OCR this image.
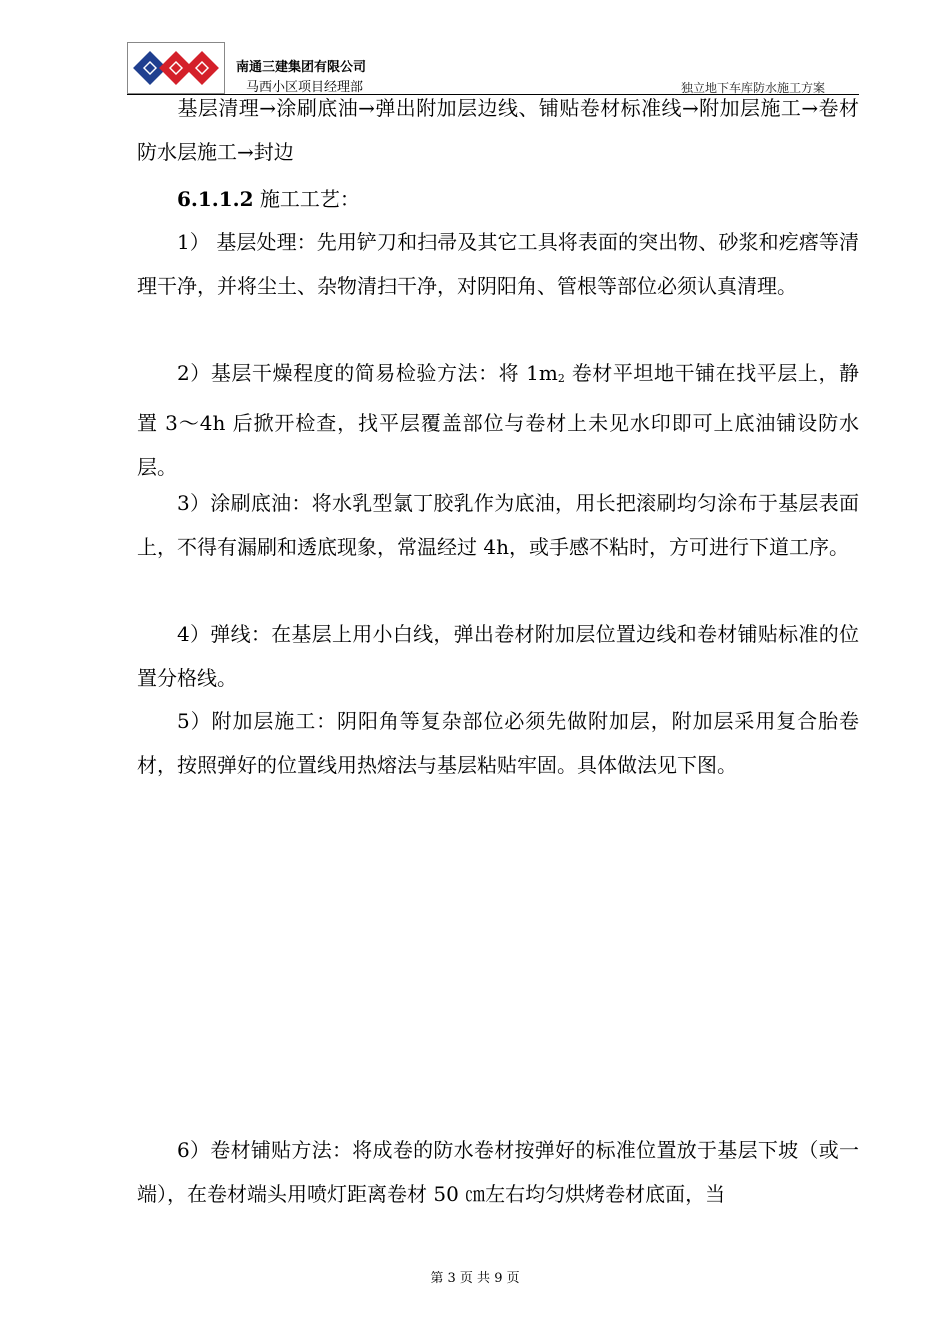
南通三建集团有限公司
马西小区项目经理部	独立地下车库防水施工方案
基层清理→涂刷底油→弹出附加层边线、铺贴卷材标准线→附加层施工→卷材防水层施工→封边
6.1.1.2 施工工艺：
1） 基层处理：先用铲刀和扫帚及其它工具将表面的突出物、砂浆和疙瘩等清理干净，并将尘土、杂物清扫干净，对阴阳角、管根等部位必须认真清理。
2）基层干燥程度的简易检验方法：将 $1m_2$ 卷材平坦地干铺在找平层上，静置 3～4h 后掀开检查，找平层覆盖部位与卷材上未见水印即可上底油铺设防水层。
3）涂刷底油：将水乳型氯丁胶乳作为底油，用长把滚刷均匀涂布于基层表面上，不得有漏刷和透底现象，常温经过 4h，或手感不粘时，方可进行下道工序。
4）弹线：在基层上用小白线，弹出卷材附加层位置边线和卷材铺贴标准的位置分格线。
5）附加层施工：阴阳角等复杂部位必须先做附加层，附加层采用复合胎卷材，按照弹好的位置线用热熔法与基层粘贴牢固。具体做法见下图。
6）卷材铺贴方法：将成卷的防水卷材按弹好的标准位置放于基层下坡（或一端），在卷材端头用喷灯距离卷材 50 ㎝左右均匀烘烤卷材底面，当
第 3 页 共 9 页
